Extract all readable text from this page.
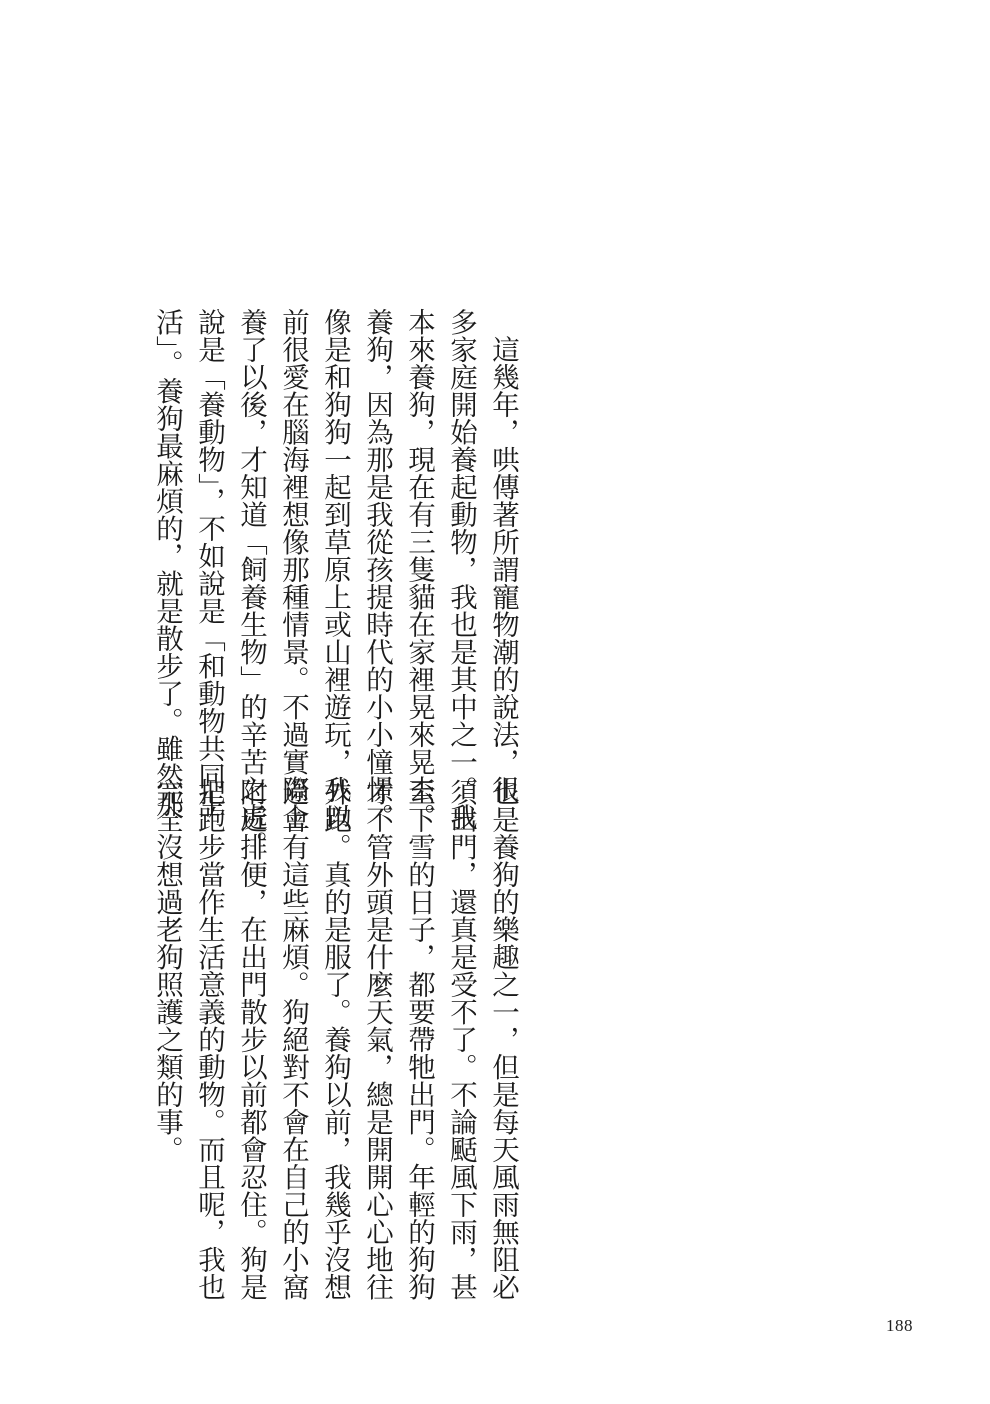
　這幾年，哄傳著所謂寵物潮的說法，很
多家庭開始養起動物，我也是其中之一。我
本來養狗，現在有三隻貓在家裡晃來晃去。
養狗，因為那是我從孩提時代的小小憧憬。
像是和狗狗一起到草原上或山裡遊玩，我以
前很愛在腦海裡想像那種情景。不過實際上
養了以後，才知道「飼養生物」的辛苦之處。
說是「養動物」，不如說是「和動物共同生
活」。養狗最麻煩的，就是散步了。雖然那
也是養狗的樂趣之一，但是每天風雨無阻必
須出門，還真是受不了。不論颳風下雨，甚
至下雪的日子，都要帶牠出門。年輕的狗狗
才不管外頭是什麼天氣，總是開開心心地往
外跑。真的是服了。養狗以前，我幾乎沒想
過會有這些麻煩。狗絕對不會在自己的小窩
附近排便，在出門散步以前都會忍住。狗是
把跑步當作生活意義的動物。而且呢，我也
完全沒想過老狗照護之類的事。
188
